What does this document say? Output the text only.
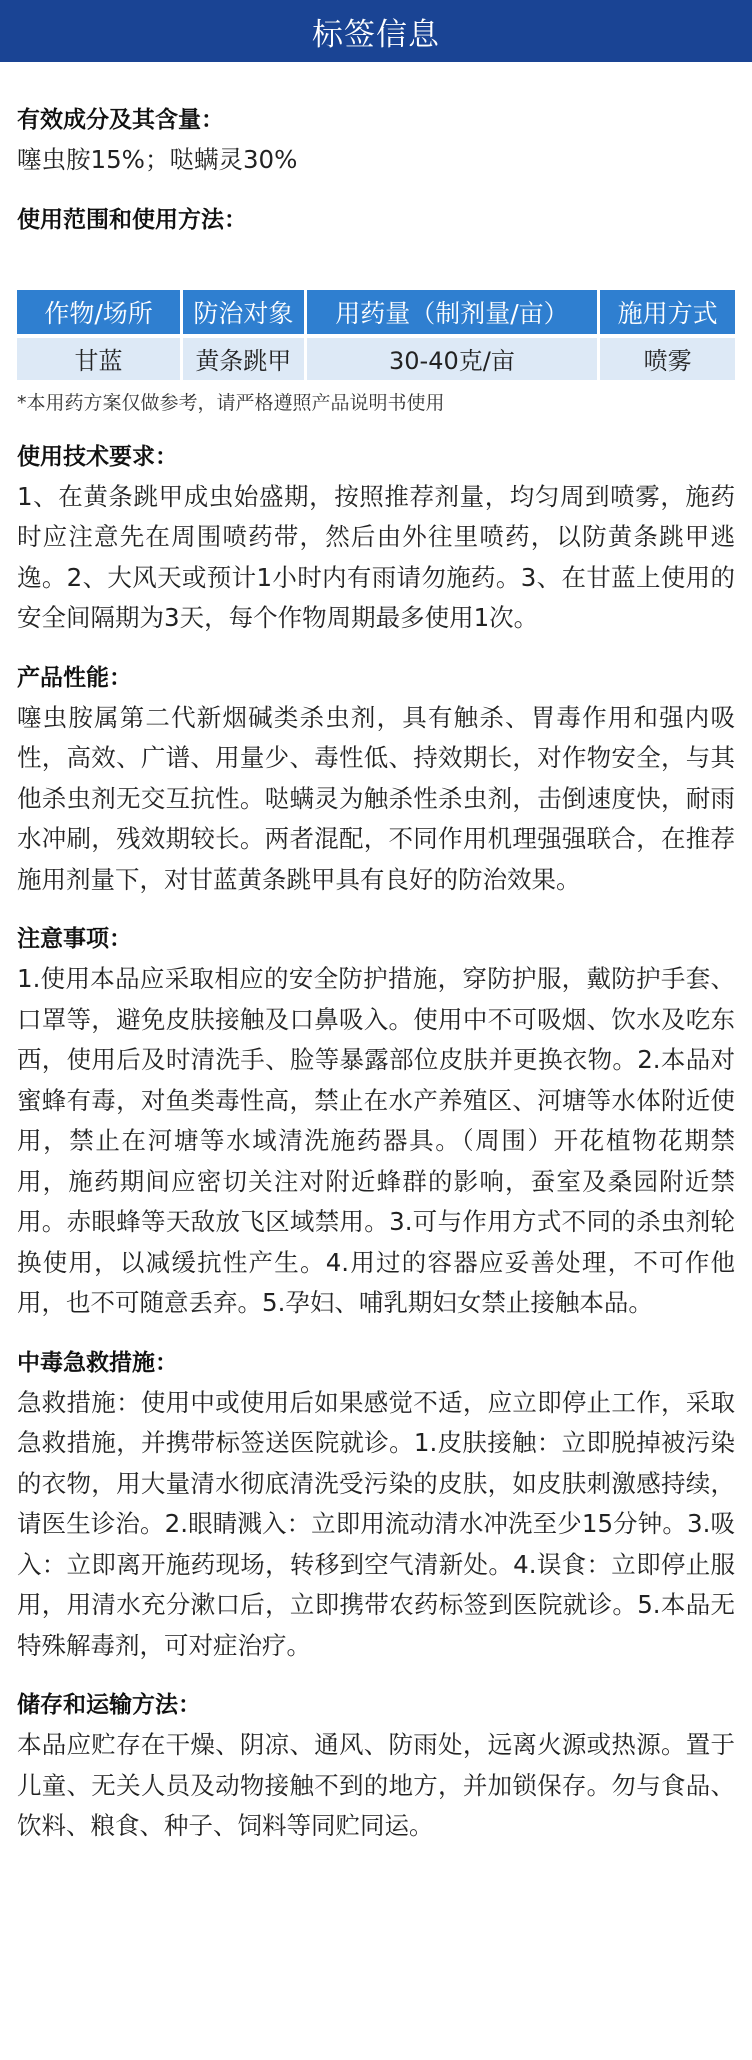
标签信息
有效成分及其含量：
噻虫胺15%；哒螨灵30%
使用范围和使用方法：
作物/场所	防治对象	用药量（制剂量/亩）	施用方式
甘蓝	黄条跳甲	30-40克/亩	喷雾
*本用药方案仅做参考，请严格遵照产品说明书使用
使用技术要求：
1、在黄条跳甲成虫始盛期，按照推荐剂量，均匀周到喷雾，施药时应注意先在周围喷药带，然后由外往里喷药，以防黄条跳甲逃逸。2、大风天或预计1小时内有雨请勿施药。3、在甘蓝上使用的安全间隔期为3天，每个作物周期最多使用1次。
产品性能：
噻虫胺属第二代新烟碱类杀虫剂，具有触杀、胃毒作用和强内吸性，高效、广谱、用量少、毒性低、持效期长，对作物安全，与其他杀虫剂无交互抗性。哒螨灵为触杀性杀虫剂，击倒速度快，耐雨水冲刷，残效期较长。两者混配，不同作用机理强强联合，在推荐施用剂量下，对甘蓝黄条跳甲具有良好的防治效果。
注意事项：
1.使用本品应采取相应的安全防护措施，穿防护服，戴防护手套、口罩等，避免皮肤接触及口鼻吸入。使用中不可吸烟、饮水及吃东西，使用后及时清洗手、脸等暴露部位皮肤并更换衣物。2.本品对蜜蜂有毒，对鱼类毒性高，禁止在水产养殖区、河塘等水体附近使用，禁止在河塘等水域清洗施药器具。（周围）开花植物花期禁用，施药期间应密切关注对附近蜂群的影响，蚕室及桑园附近禁用。赤眼蜂等天敌放飞区域禁用。3.可与作用方式不同的杀虫剂轮换使用，以减缓抗性产生。4.用过的容器应妥善处理，不可作他用，也不可随意丢弃。5.孕妇、哺乳期妇女禁止接触本品。
中毒急救措施：
急救措施：使用中或使用后如果感觉不适，应立即停止工作，采取急救措施，并携带标签送医院就诊。1.皮肤接触：立即脱掉被污染的衣物，用大量清水彻底清洗受污染的皮肤，如皮肤刺激感持续，请医生诊治。2.眼睛溅入：立即用流动清水冲洗至少15分钟。3.吸入：立即离开施药现场，转移到空气清新处。4.误食：立即停止服用，用清水充分漱口后，立即携带农药标签到医院就诊。5.本品无特殊解毒剂，可对症治疗。
储存和运输方法：
本品应贮存在干燥、阴凉、通风、防雨处，远离火源或热源。置于儿童、无关人员及动物接触不到的地方，并加锁保存。勿与食品、饮料、粮食、种子、饲料等同贮同运。
